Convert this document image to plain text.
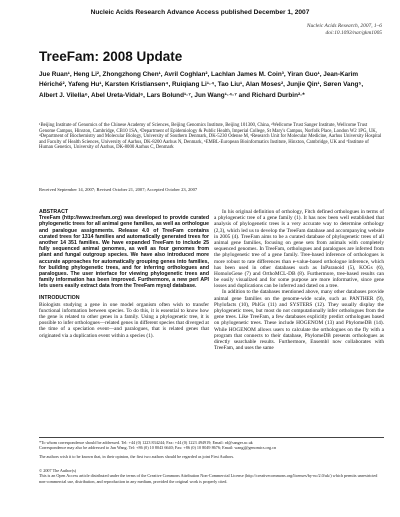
Nucleic Acids Research Advance Access published December 1, 2007
Nucleic Acids Research, 2007, 1–6
doi:10.1093/nar/gkm1005
TreeFam: 2008 Update
Jue Ruan¹, Heng Li², Zhongzhong Chen¹, Avril Coghlan², Lachlan James M. Coin³, Yiran Guo¹, Jean-Karim Hériché², Yafeng Hu¹, Karsten Kristiansen⁴, Ruiqiang Li¹·⁴, Tao Liu¹, Alan Moses², Junjie Qin¹, Søren Vang⁵, Albert J. Vilella⁶, Abel Ureta-Vidal⁶, Lars Bolund¹·⁷, Jun Wang¹·⁴·⁷ and Richard Durbin²·*
¹Beijing Institute of Genomics of the Chinese Academy of Sciences, Beijing Genomics Institute, Beijing 101300, China, ²Wellcome Trust Sanger Institute, Wellcome Trust Genome Campus, Hinxton, Cambridge, CB10 1SA, ³Department of Epidemiology & Public Health, Imperial College, St Mary's Campus, Norfolk Place, London W2 1PG, UK, ⁴Department of Biochemistry and Molecular Biology, University of Southern Denmark, DK-5230 Odense M, ⁵Research Unit for Molecular Medicine, Aarhus University Hospital and Faculty of Health Sciences, University of Aarhus, DK-8200 Aarhus N, Denmark, ⁶EMBL-European Bioinformatics Institute, Hinxton, Cambridge, UK and ⁷Institute of Human Genetics, University of Aarhus, DK-8000 Aarhus C, Denmark
Received September 14, 2007; Revised October 21, 2007; Accepted October 23, 2007
ABSTRACT

TreeFam (http://www.treefam.org) was developed to provide curated phylogenetic trees for all animal gene families, as well as orthologue and paralogue assignments. Release 4.0 of TreeFam contains curated trees for 1314 families and automatically generated trees for another 14 351 families. We have expanded TreeFam to include 25 fully sequenced animal genomes, as well as four genomes from plant and fungal outgroup species. We have also introduced more accurate approaches for automatically grouping genes into families, for building phylogenetic trees, and for inferring orthologues and paralogues. The user interface for viewing phylogenetic trees and family information has been improved. Furthermore, a new perl API lets users easily extract data from the TreeFam mysql database.

INTRODUCTION

Biologists studying a gene in one model organism often wish to transfer functional information between species. To do this, it is essential to know how the gene is related to other genes in a family. Using a phylogenetic tree, it is possible to infer orthologues—related genes in different species that diverged at the time of a speciation event—and paralogues, that is related genes that originated via a duplication event within a species (1).

In his original definition of orthology, Fitch defined orthologues in terms of a phylogenetic tree of a gene family (1). It has now been well established that analysis of phylogenetic trees is a very accurate way to determine orthology (2,3), which led us to develop the TreeFam database and accompanying website in 2005 (4). TreeFam aims to be a curated database of phylogenetic trees of all animal gene families, focusing on gene sets from animals with completely sequenced genomes. In TreeFam, orthologues and paralogues are inferred from the phylogenetic tree of a gene family. Tree-based inference of orthologues is more robust to rate differences than e-value-based orthologue inference, which has been used in other databases such as InParanoid (5), KOGs (6), HomoloGene (7) and OrthoMCL-DB (8). Furthermore, tree-based results can be easily visualized and for some purpose are more informative, since gene losses and duplications can be inferred and dated on a tree.

In addition to the databases mentioned above, many other databases provide animal gene families on the genome-wide scale, such as PANTHER (9), Phylofacts (10), PhIGs (11) and SYSTERS (12). They usually display the phylogenetic trees, but most do not computationally infer orthologues from the gene trees. Like TreeFam, a few databases explicitly predict orthologues based on phylogenetic trees. These include HOGENOM (13) and PhylomeDB (14). While HOGENOM allows users to calculate the orthologues on the fly with a program that connects to their database, PhylomeDB presents orthologues as directly searchable results. Furthermore, Ensembl now collaborates with TreeFam, and uses the same

*To whom correspondence should be addressed. Tel: +44 (0) 1223 834244; Fax: +44 (0) 1223 494919; Email: rd@sanger.ac.uk
Correspondence may also be addressed to Jun Wang. Tel: +86 (0) 10 8043 6640; Fax: +86 (0) 10 8049 8676; Email: wangj@genomics.org.cn
The authors wish it to be known that, in their opinion, the first two authors should be regarded as joint First Authors.
© 2007 The Author(s)
This is an Open Access article distributed under the terms of the Creative Commons Attribution Non-Commercial License (http://creativecommons.org/licenses/by-nc/2.0/uk/) which permits unrestricted non-commercial use, distribution, and reproduction in any medium, provided the original work is properly cited.
